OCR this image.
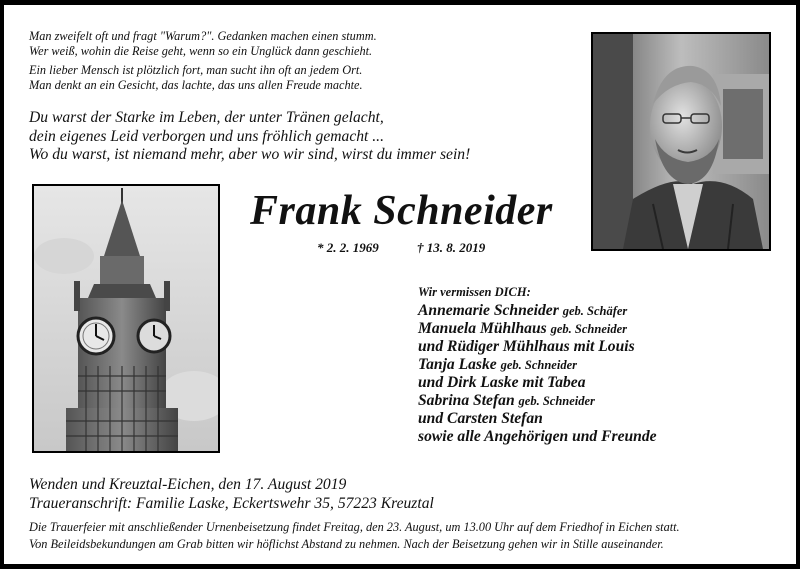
Man zweifelt oft und fragt "Warum?". Gedanken machen einen stumm.
Wer weiß, wohin die Reise geht, wenn so ein Unglück dann geschieht.
Ein lieber Mensch ist plötzlich fort, man sucht ihn oft an jedem Ort.
Man denkt an ein Gesicht, das lachte, das uns allen Freude machte.
Du warst der Starke im Leben, der unter Tränen gelacht,
dein eigenes Leid verborgen und uns fröhlich gemacht ...
Wo du warst, ist niemand mehr, aber wo wir sind, wirst du immer sein!
Frank Schneider
* 2. 2. 1969	† 13. 8. 2019
Wir vermissen DICH:
Annemarie Schneider geb. Schäfer
Manuela Mühlhaus geb. Schneider
und Rüdiger Mühlhaus mit Louis
Tanja Laske geb. Schneider
und Dirk Laske mit Tabea
Sabrina Stefan geb. Schneider
und Carsten Stefan
sowie alle Angehörigen und Freunde
Wenden und Kreuztal-Eichen, den 17. August 2019
Traueranschrift: Familie Laske, Eckertswehr 35, 57223 Kreuztal
Die Trauerfeier mit anschließender Urnenbeisetzung findet Freitag, den 23. August, um 13.00 Uhr auf dem Friedhof in Eichen statt.
Von Beileidsbekundungen am Grab bitten wir höflichst Abstand zu nehmen. Nach der Beisetzung gehen wir in Stille auseinander.
